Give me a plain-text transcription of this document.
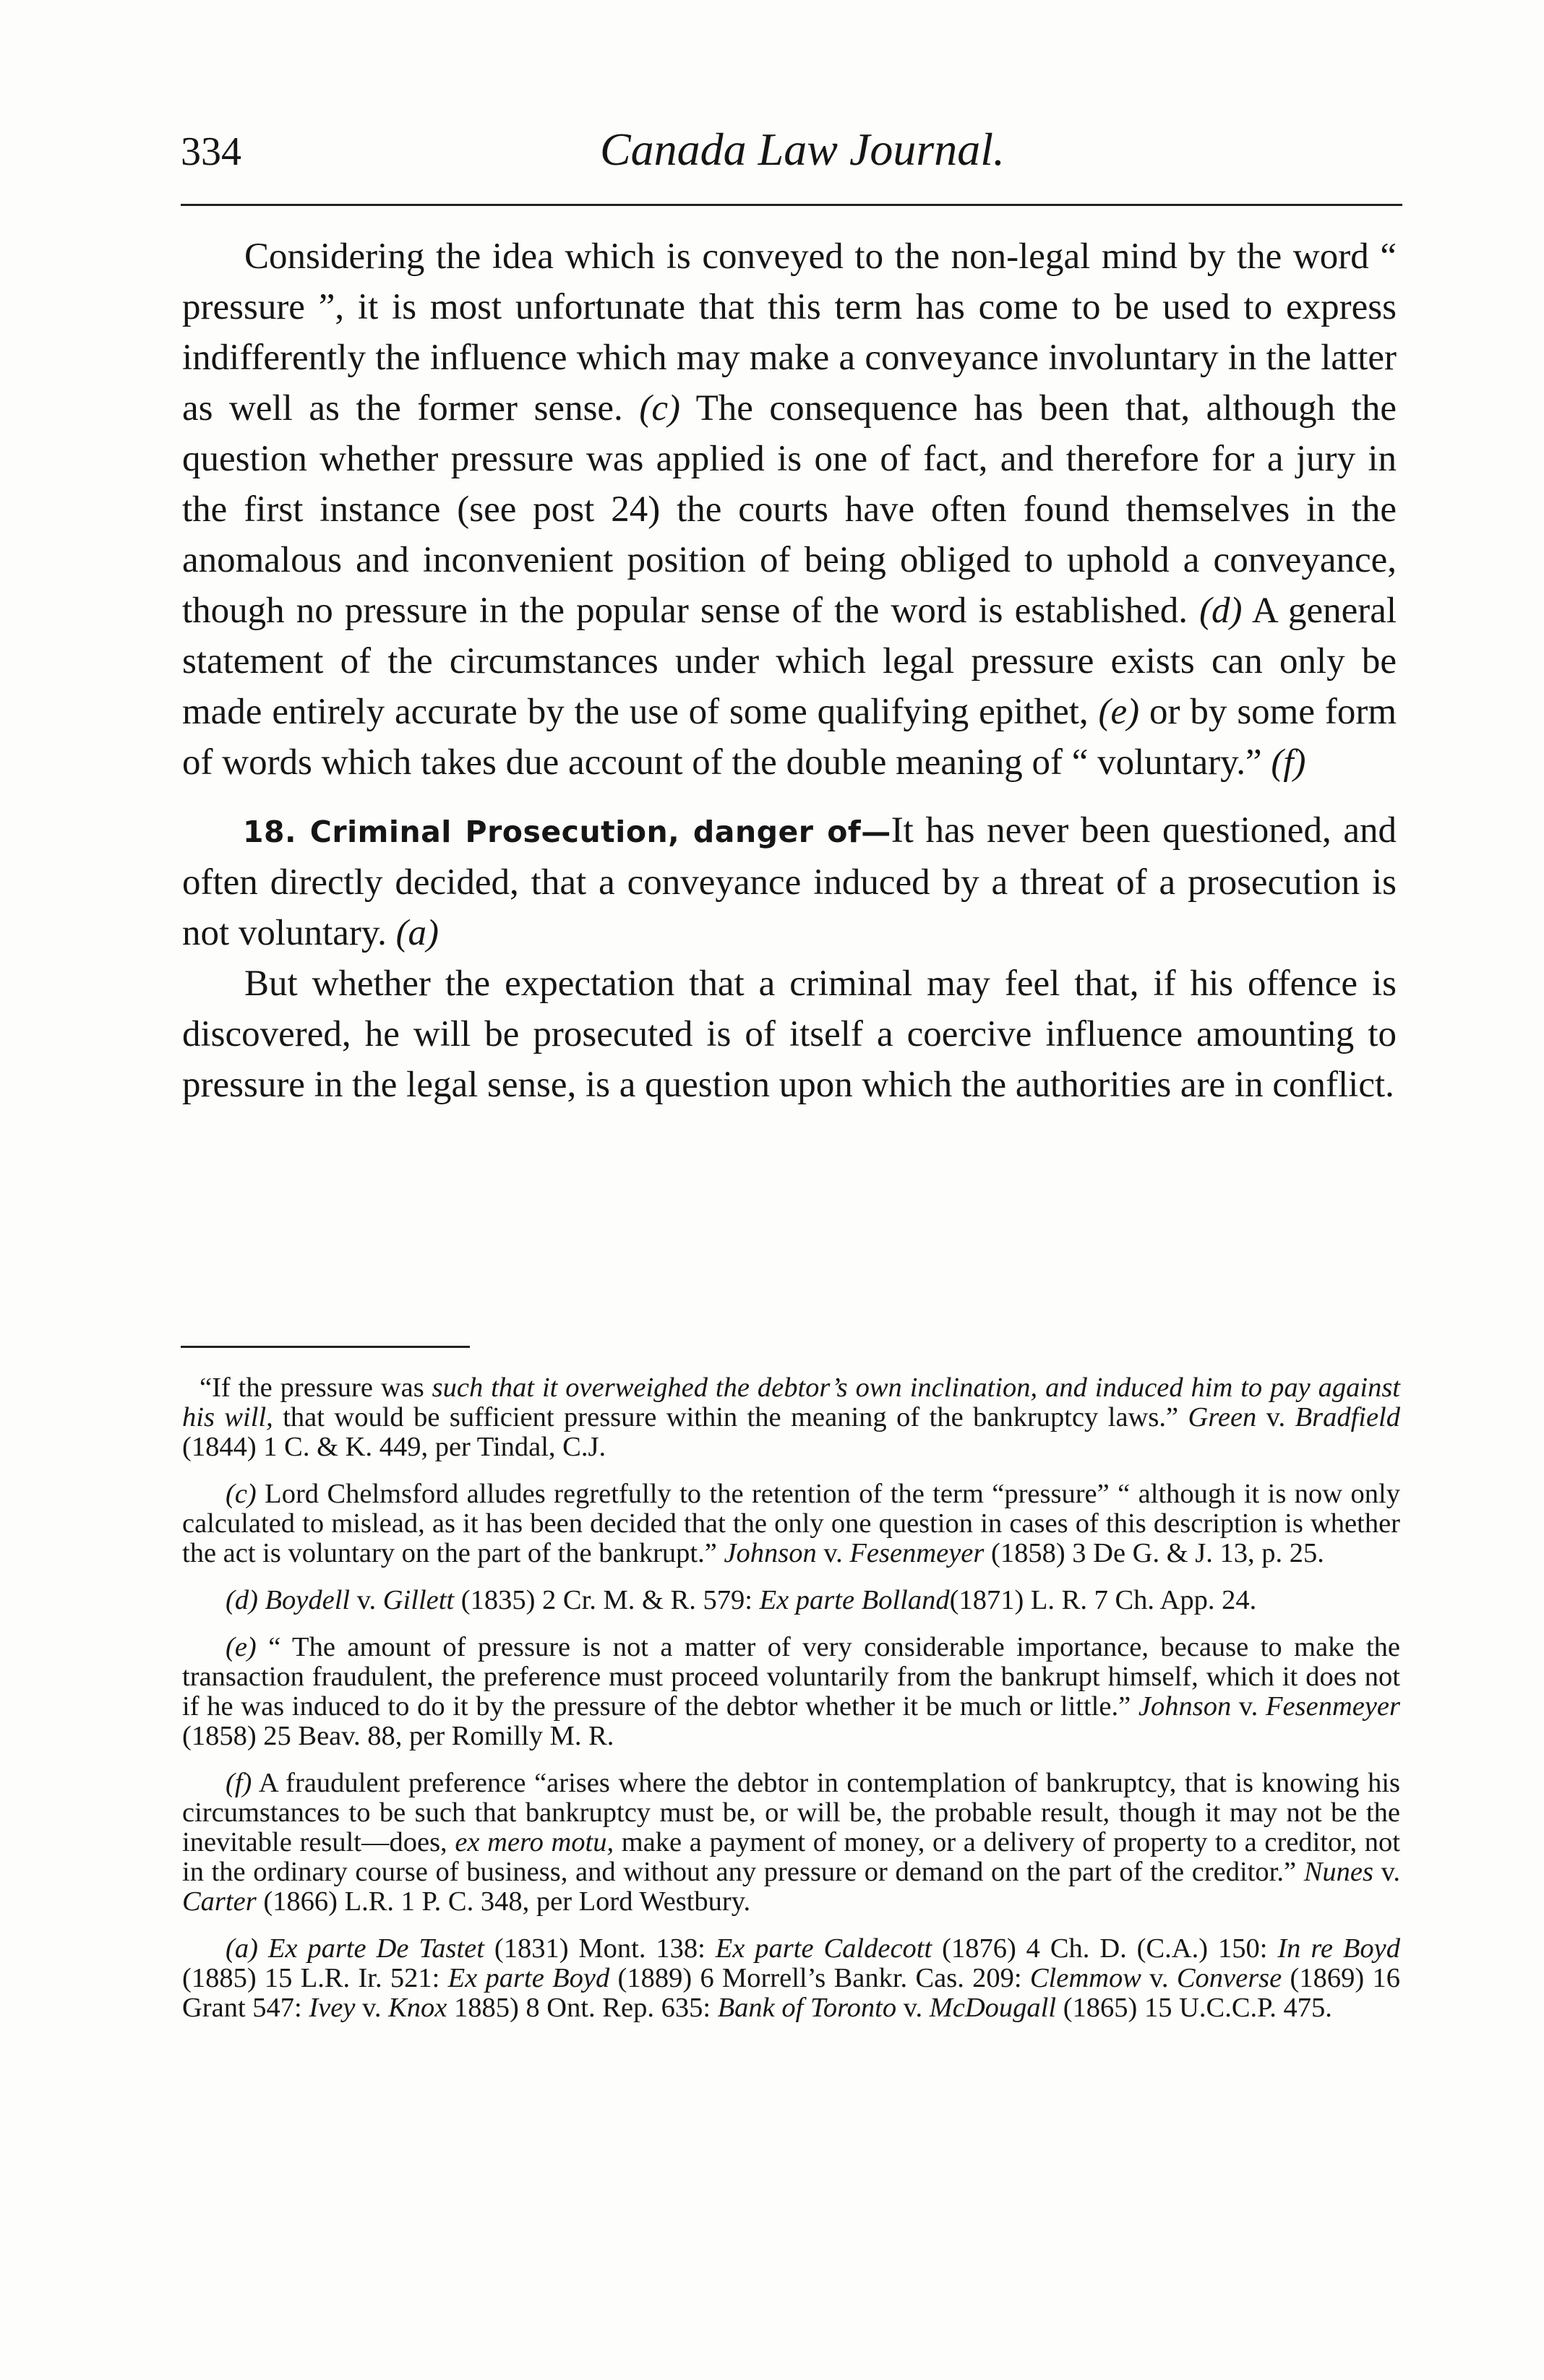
334	Canada Law Journal.

Considering the idea which is conveyed to the non-legal mind by the word “ pressure ”, it is most unfortunate that this term has come to be used to express indifferently the influence which may make a conveyance involuntary in the latter as well as the former sense. (c) The consequence has been that, although the question whether pressure was applied is one of fact, and therefore for a jury in the first instance (see post 24) the courts have often found themselves in the anomalous and inconvenient position of being obliged to uphold a conveyance, though no pressure in the popular sense of the word is established. (d) A general statement of the circumstances under which legal pressure exists can only be made entirely accurate by the use of some qualifying epithet, (e) or by some form of words which takes due account of the double meaning of “ voluntary.” (f)

18. Criminal Prosecution, danger of—It has never been questioned, and often directly decided, that a conveyance induced by a threat of a prosecution is not voluntary. (a)

But whether the expectation that a criminal may feel that, if his offence is discovered, he will be prosecuted is of itself a coercive influence amounting to pressure in the legal sense, is a question upon which the authorities are in conflict.

“If the pressure was such that it overweighed the debtor’s own inclination, and induced him to pay against his will, that would be sufficient pressure within the meaning of the bankruptcy laws.” Green v. Bradfield (1844) 1 C. & K. 449, per Tindal, C.J.

(c) Lord Chelmsford alludes regretfully to the retention of the term “pressure” “ although it is now only calculated to mislead, as it has been decided that the only one question in cases of this description is whether the act is voluntary on the part of the bankrupt.” Johnson v. Fesenmeyer (1858) 3 De G. & J. 13, p. 25.

(d) Boydell v. Gillett (1835) 2 Cr. M. & R. 579: Ex parte Bolland(1871) L. R. 7 Ch. App. 24.

(e) “ The amount of pressure is not a matter of very considerable importance, because to make the transaction fraudulent, the preference must proceed voluntarily from the bankrupt himself, which it does not if he was induced to do it by the pressure of the debtor whether it be much or little.” Johnson v. Fesenmeyer (1858) 25 Beav. 88, per Romilly M. R.

(f) A fraudulent preference “arises where the debtor in contemplation of bankruptcy, that is knowing his circumstances to be such that bankruptcy must be, or will be, the probable result, though it may not be the inevitable result—does, ex mero motu, make a payment of money, or a delivery of property to a creditor, not in the ordinary course of business, and without any pressure or demand on the part of the creditor.” Nunes v. Carter (1866) L.R. 1 P. C. 348, per Lord Westbury.

(a) Ex parte De Tastet (1831) Mont. 138: Ex parte Caldecott (1876) 4 Ch. D. (C.A.) 150: In re Boyd (1885) 15 L.R. Ir. 521: Ex parte Boyd (1889) 6 Morrell’s Bankr. Cas. 209: Clemmow v. Converse (1869) 16 Grant 547: Ivey v. Knox 1885) 8 Ont. Rep. 635: Bank of Toronto v. McDougall (1865) 15 U.C.C.P. 475.
